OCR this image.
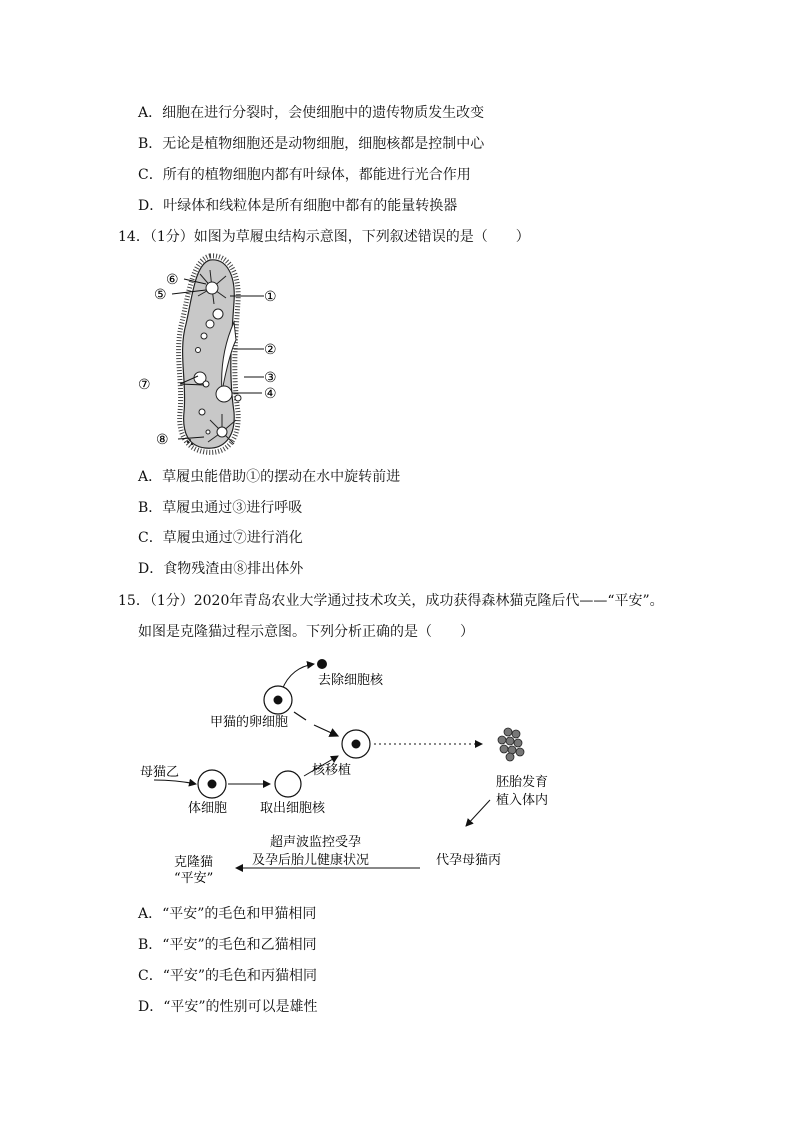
A．细胞在进行分裂时，会使细胞中的遗传物质发生改变
B．无论是植物细胞还是动物细胞，细胞核都是控制中心
C．所有的植物细胞内都有叶绿体，都能进行光合作用
D．叶绿体和线粒体是所有细胞中都有的能量转换器
14．（1分）如图为草履虫结构示意图，下列叙述错误的是（　　）
⑥
⑤	①
②
③
④
⑦
⑧
A．草履虫能借助①的摆动在水中旋转前进
B．草履虫通过③进行呼吸
C．草履虫通过⑦进行消化
D．食物残渣由⑧排出体外
15．（1分）2020年青岛农业大学通过技术攻关，成功获得森林猫克隆后代——“平安”。
如图是克隆猫过程示意图。下列分析正确的是（　　）
去除细胞核
甲猫的卵细胞
胚胎发育
植入体内
母猫乙
体细胞	取出细胞核
核移植
超声波监控受孕
及孕后胎儿健康状况	代孕母猫丙
克隆猫
“平安”
A．“平安”的毛色和甲猫相同
B．“平安”的毛色和乙猫相同
C．“平安”的毛色和丙猫相同
D．“平安”的性别可以是雄性
